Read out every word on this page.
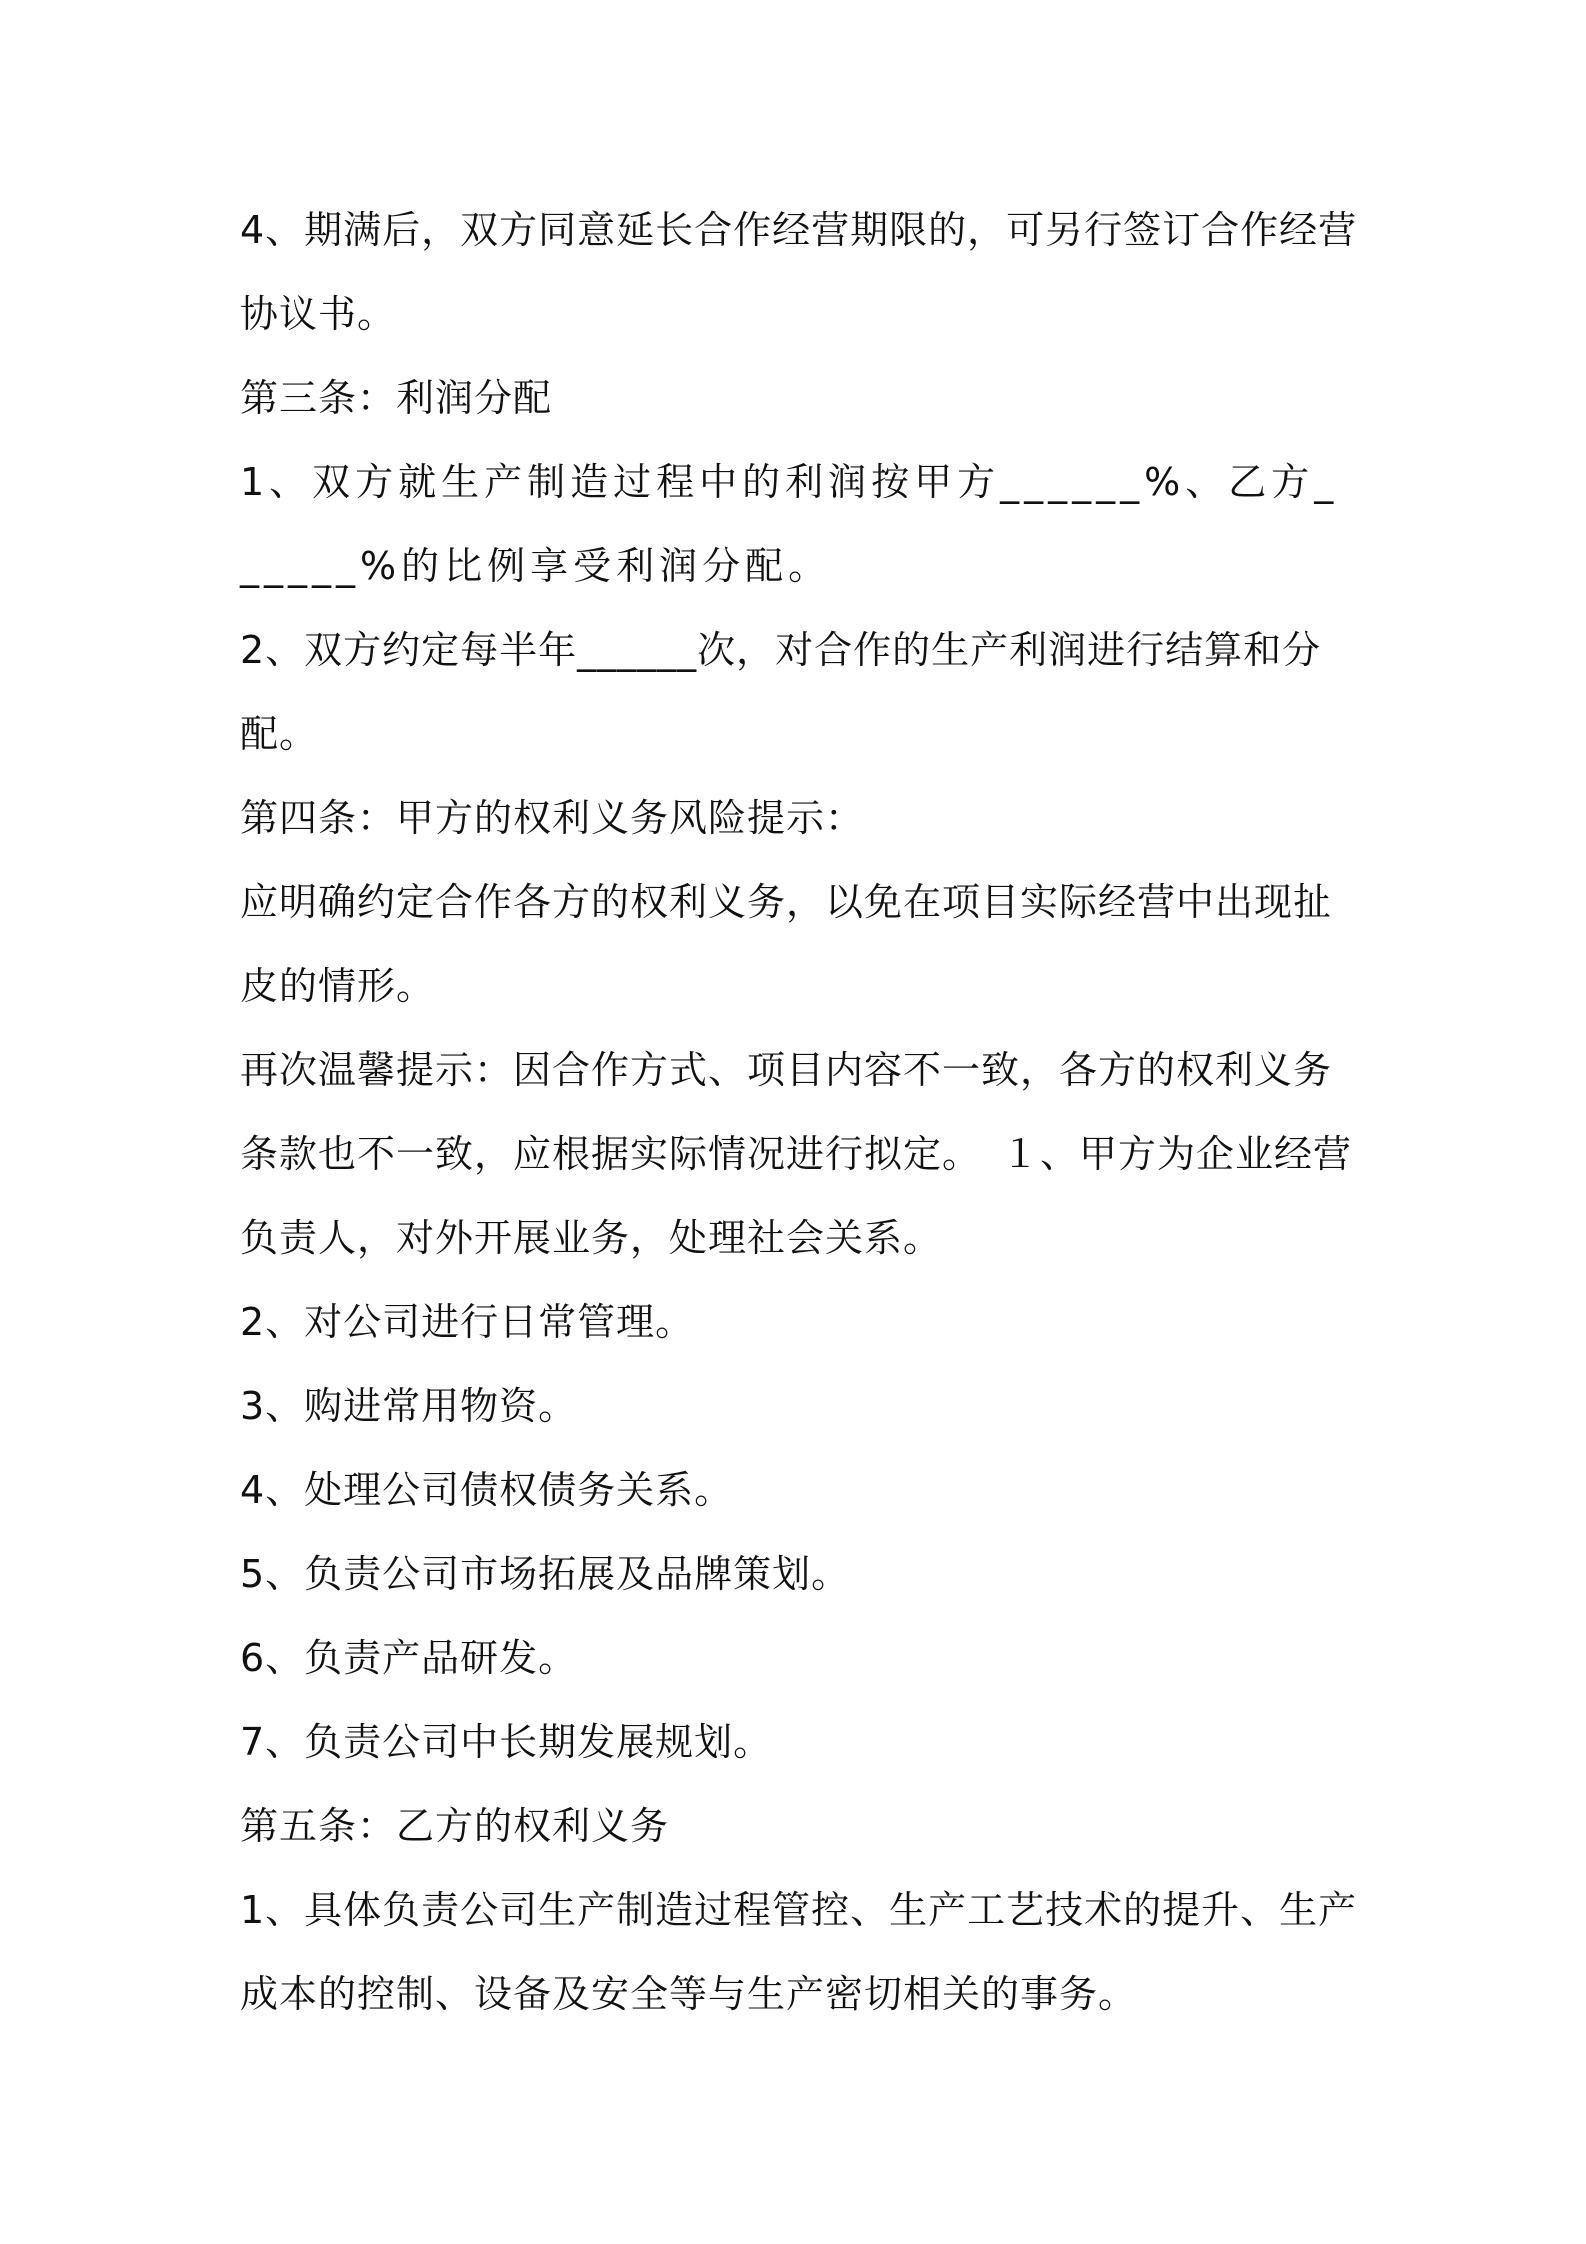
4、期满后，双方同意延长合作经营期限的，可另行签订合作经营协议书。

第三条：利润分配

1、双方就生产制造过程中的利润按甲方______%、乙方______%的比例享受利润分配。

2、双方约定每半年______次，对合作的生产利润进行结算和分配。

第四条：甲方的权利义务风险提示：

应明确约定合作各方的权利义务，以免在项目实际经营中出现扯皮的情形。

再次温馨提示：因合作方式、项目内容不一致，各方的权利义务条款也不一致，应根据实际情况进行拟定。　１、甲方为企业经营负责人，对外开展业务，处理社会关系。

2、对公司进行日常管理。

3、购进常用物资。

4、处理公司债权债务关系。

5、负责公司市场拓展及品牌策划。

6、负责产品研发。

7、负责公司中长期发展规划。

第五条：乙方的权利义务

1、具体负责公司生产制造过程管控、生产工艺技术的提升、生产成本的控制、设备及安全等与生产密切相关的事务。
